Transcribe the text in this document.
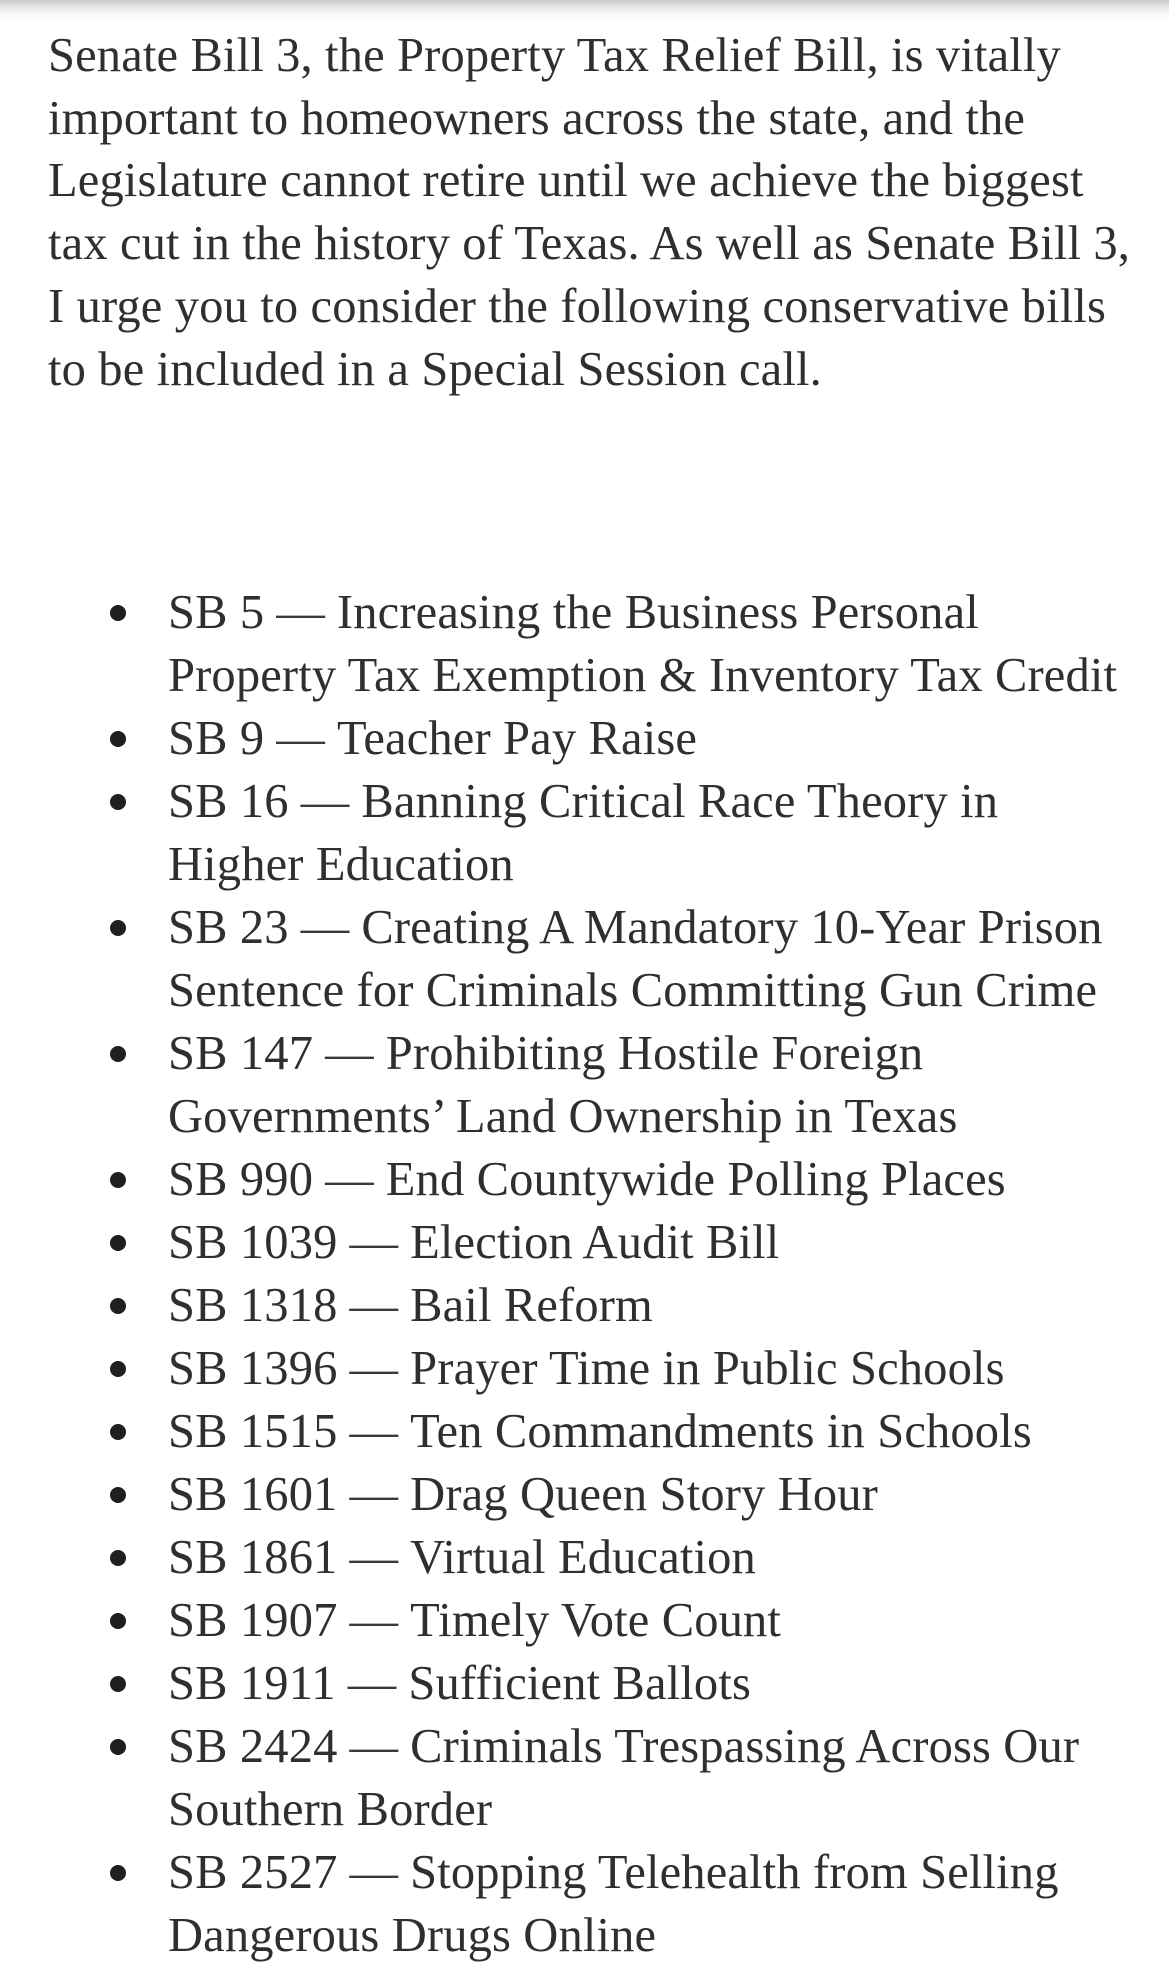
Senate Bill 3, the Property Tax Relief Bill, is vitally important to homeowners across the state, and the Legislature cannot retire until we achieve the biggest tax cut in the history of Texas. As well as Senate Bill 3, I urge you to consider the following conservative bills to be included in a Special Session call.

SB 5 — Increasing the Business Personal Property Tax Exemption & Inventory Tax Credit
SB 9 — Teacher Pay Raise
SB 16 — Banning Critical Race Theory in Higher Education
SB 23 — Creating A Mandatory 10-Year Prison Sentence for Criminals Committing Gun Crime
SB 147 — Prohibiting Hostile Foreign Governments’ Land Ownership in Texas
SB 990 — End Countywide Polling Places
SB 1039 — Election Audit Bill
SB 1318 — Bail Reform
SB 1396 — Prayer Time in Public Schools
SB 1515 — Ten Commandments in Schools
SB 1601 — Drag Queen Story Hour
SB 1861 — Virtual Education
SB 1907 — Timely Vote Count
SB 1911 — Sufficient Ballots
SB 2424 — Criminals Trespassing Across Our Southern Border
SB 2527 — Stopping Telehealth from Selling Dangerous Drugs Online
